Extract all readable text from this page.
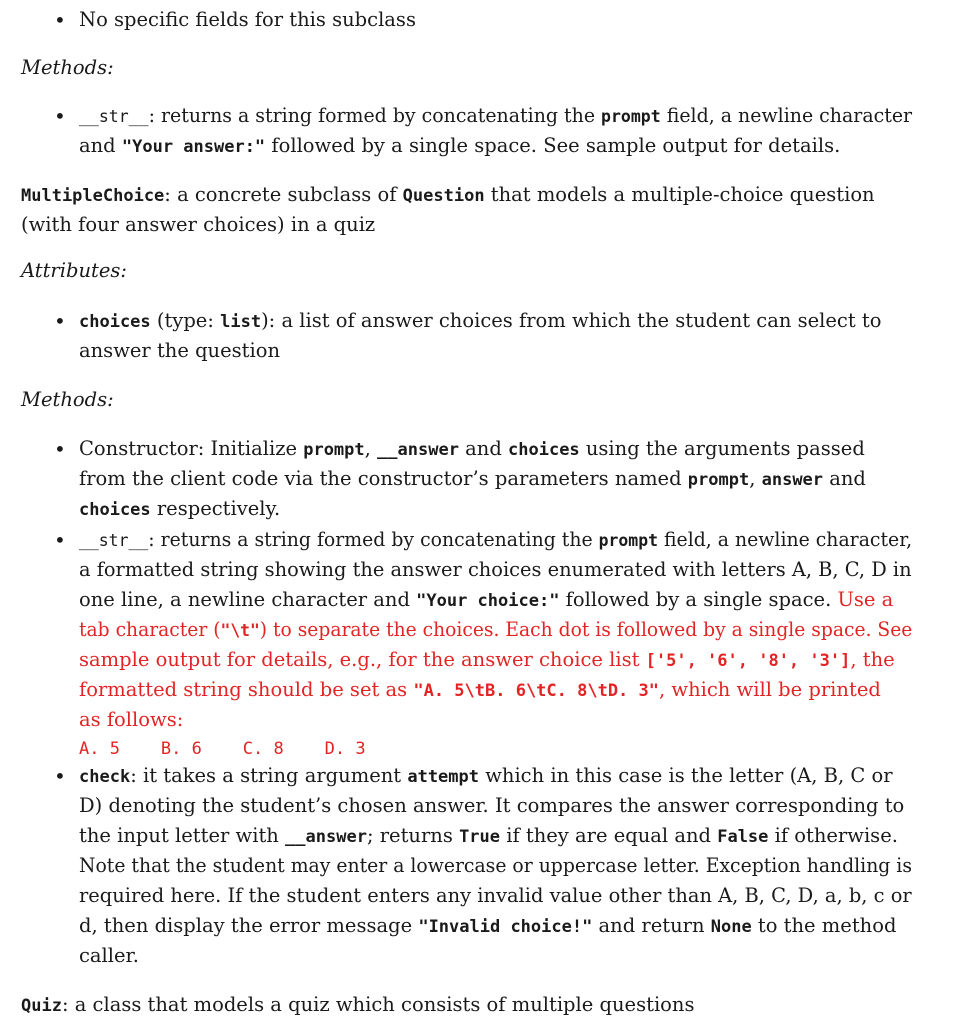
• No specific fields for this subclass
Methods:
• __str__: returns a string formed by concatenating the prompt field, a newline character
and "Your answer:" followed by a single space. See sample output for details.
MultipleChoice: a concrete subclass of Question that models a multiple-choice question
(with four answer choices) in a quiz
Attributes:
• choices (type: list): a list of answer choices from which the student can select to
answer the question
Methods:
• Constructor: Initialize prompt, __answer and choices using the arguments passed
from the client code via the constructor’s parameters named prompt, answer and
choices respectively.
• __str__: returns a string formed by concatenating the prompt field, a newline character,
a formatted string showing the answer choices enumerated with letters A, B, C, D in
one line, a newline character and "Your choice:" followed by a single space. Use a
tab character ("\t") to separate the choices. Each dot is followed by a single space. See
sample output for details, e.g., for the answer choice list ['5', '6', '8', '3'], the
formatted string should be set as "A. 5\tB. 6\tC. 8\tD. 3", which will be printed
as follows:
A. 5    B. 6    C. 8    D. 3
• check: it takes a string argument attempt which in this case is the letter (A, B, C or
D) denoting the student’s chosen answer. It compares the answer corresponding to
the input letter with __answer; returns True if they are equal and False if otherwise.
Note that the student may enter a lowercase or uppercase letter. Exception handling is
required here. If the student enters any invalid value other than A, B, C, D, a, b, c or
d, then display the error message "Invalid choice!" and return None to the method
caller.
Quiz: a class that models a quiz which consists of multiple questions
